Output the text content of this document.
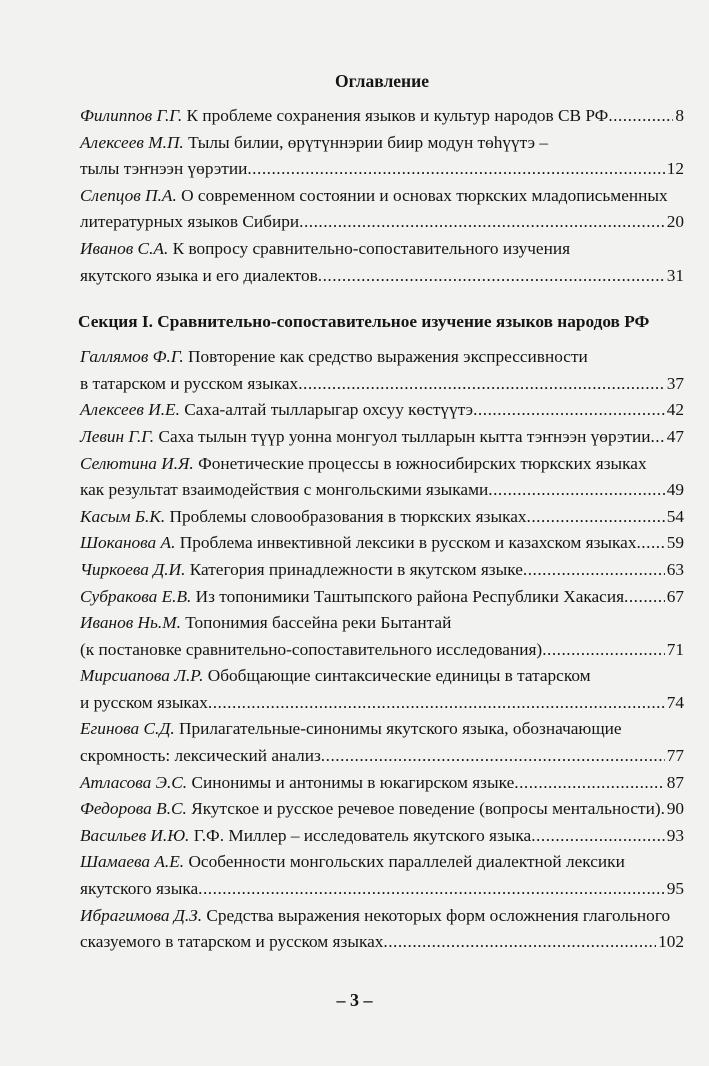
Оглавление
Филиппов Г.Г. К проблеме сохранения языков и культур народов СВ РФ .....	8
Алексеев М.П. Тылы билии, өрүтүннэрии биир модун төһүүтэ –
тылы тэҥнээн үөрэтии .....	12
Слепцов П.А. О современном состоянии и основах тюркских младописьменных
литературных языков Сибири .....	20
Иванов С.А. К вопросу сравнительно-сопоставительного изучения
якутского языка и его диалектов .....	31
Секция I. Сравнительно-сопоставительное изучение языков народов РФ
Галлямов Ф.Г. Повторение как средство выражения экспрессивности
в татарском и русском языках .....	37
Алексеев И.Е. Саха-алтай тылларыгар охсуу көстүүтэ .....	42
Левин Г.Г. Саха тылын түүр уонна монгуол тылларын кытта тэҥнээн үөрэтии ..... 47
Селютина И.Я. Фонетические процессы в южносибирских тюркских языках
как результат взаимодействия с монгольскими языками .....	49
Касым Б.К. Проблемы словообразования в тюркских языках .....	54
Шоканова А. Проблема инвективной лексики в русском и казахском языках ..... 59
Чиркоева Д.И. Категория принадлежности в якутском языке .....	63
Субракова Е.В. Из топонимики Таштыпского района Республики Хакасия ..... 67
Иванов Нь.М. Топонимия бассейна реки Бытантай
(к постановке сравнительно-сопоставительного исследования) .....	71
Мирсиапова Л.Р. Обобщающие синтаксические единицы в татарском
и русском языках .....	74
Егинова С.Д. Прилагательные-синонимы якутского языка, обозначающие
скромность: лексический анализ .....	77
Атласова Э.С. Синонимы и антонимы в юкагирском языке .....	87
Федорова В.С. Якутское и русское речевое поведение (вопросы ментальности) ..... 90
Васильев И.Ю. Г.Ф. Миллер – исследователь якутского языка .....	93
Шамаева А.Е. Особенности монгольских параллелей диалектной лексики
якутского языка .....	95
Ибрагимова Д.З. Средства выражения некоторых форм осложнения глагольного
сказуемого в татарском и русском языках .....	102
– 3 –
